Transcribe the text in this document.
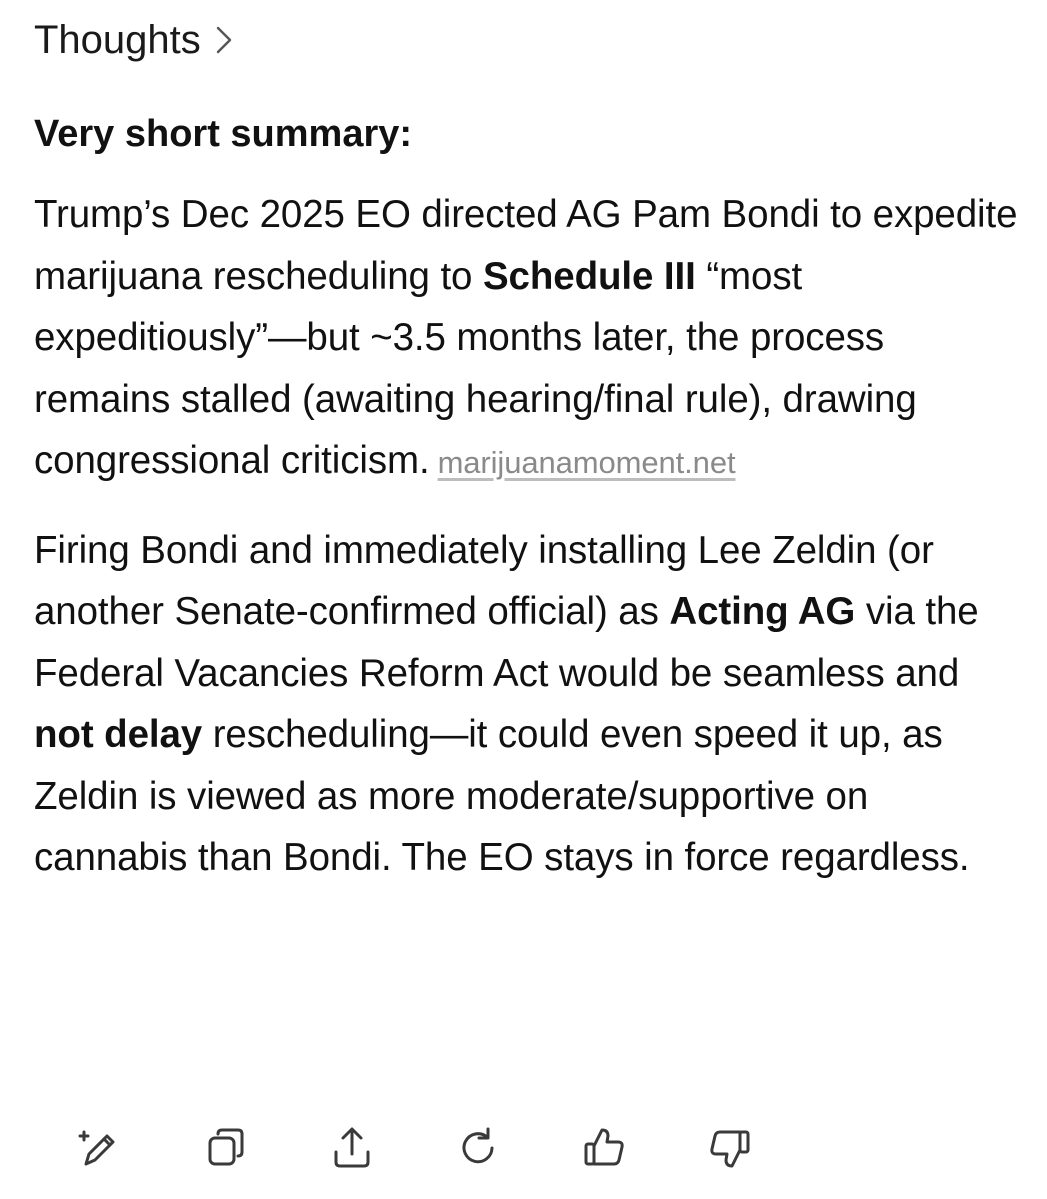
Thoughts
Very short summary:
Trump’s Dec 2025 EO directed AG Pam Bondi to expedite marijuana rescheduling to Schedule III “most expeditiously”—but ~3.5 months later, the process remains stalled (awaiting hearing/final rule), drawing congressional criticism. marijuanamoment.net
Firing Bondi and immediately installing Lee Zeldin (or another Senate-confirmed official) as Acting AG via the Federal Vacancies Reform Act would be seamless and not delay rescheduling—it could even speed it up, as Zeldin is viewed as more moderate/supportive on cannabis than Bondi. The EO stays in force regardless.
